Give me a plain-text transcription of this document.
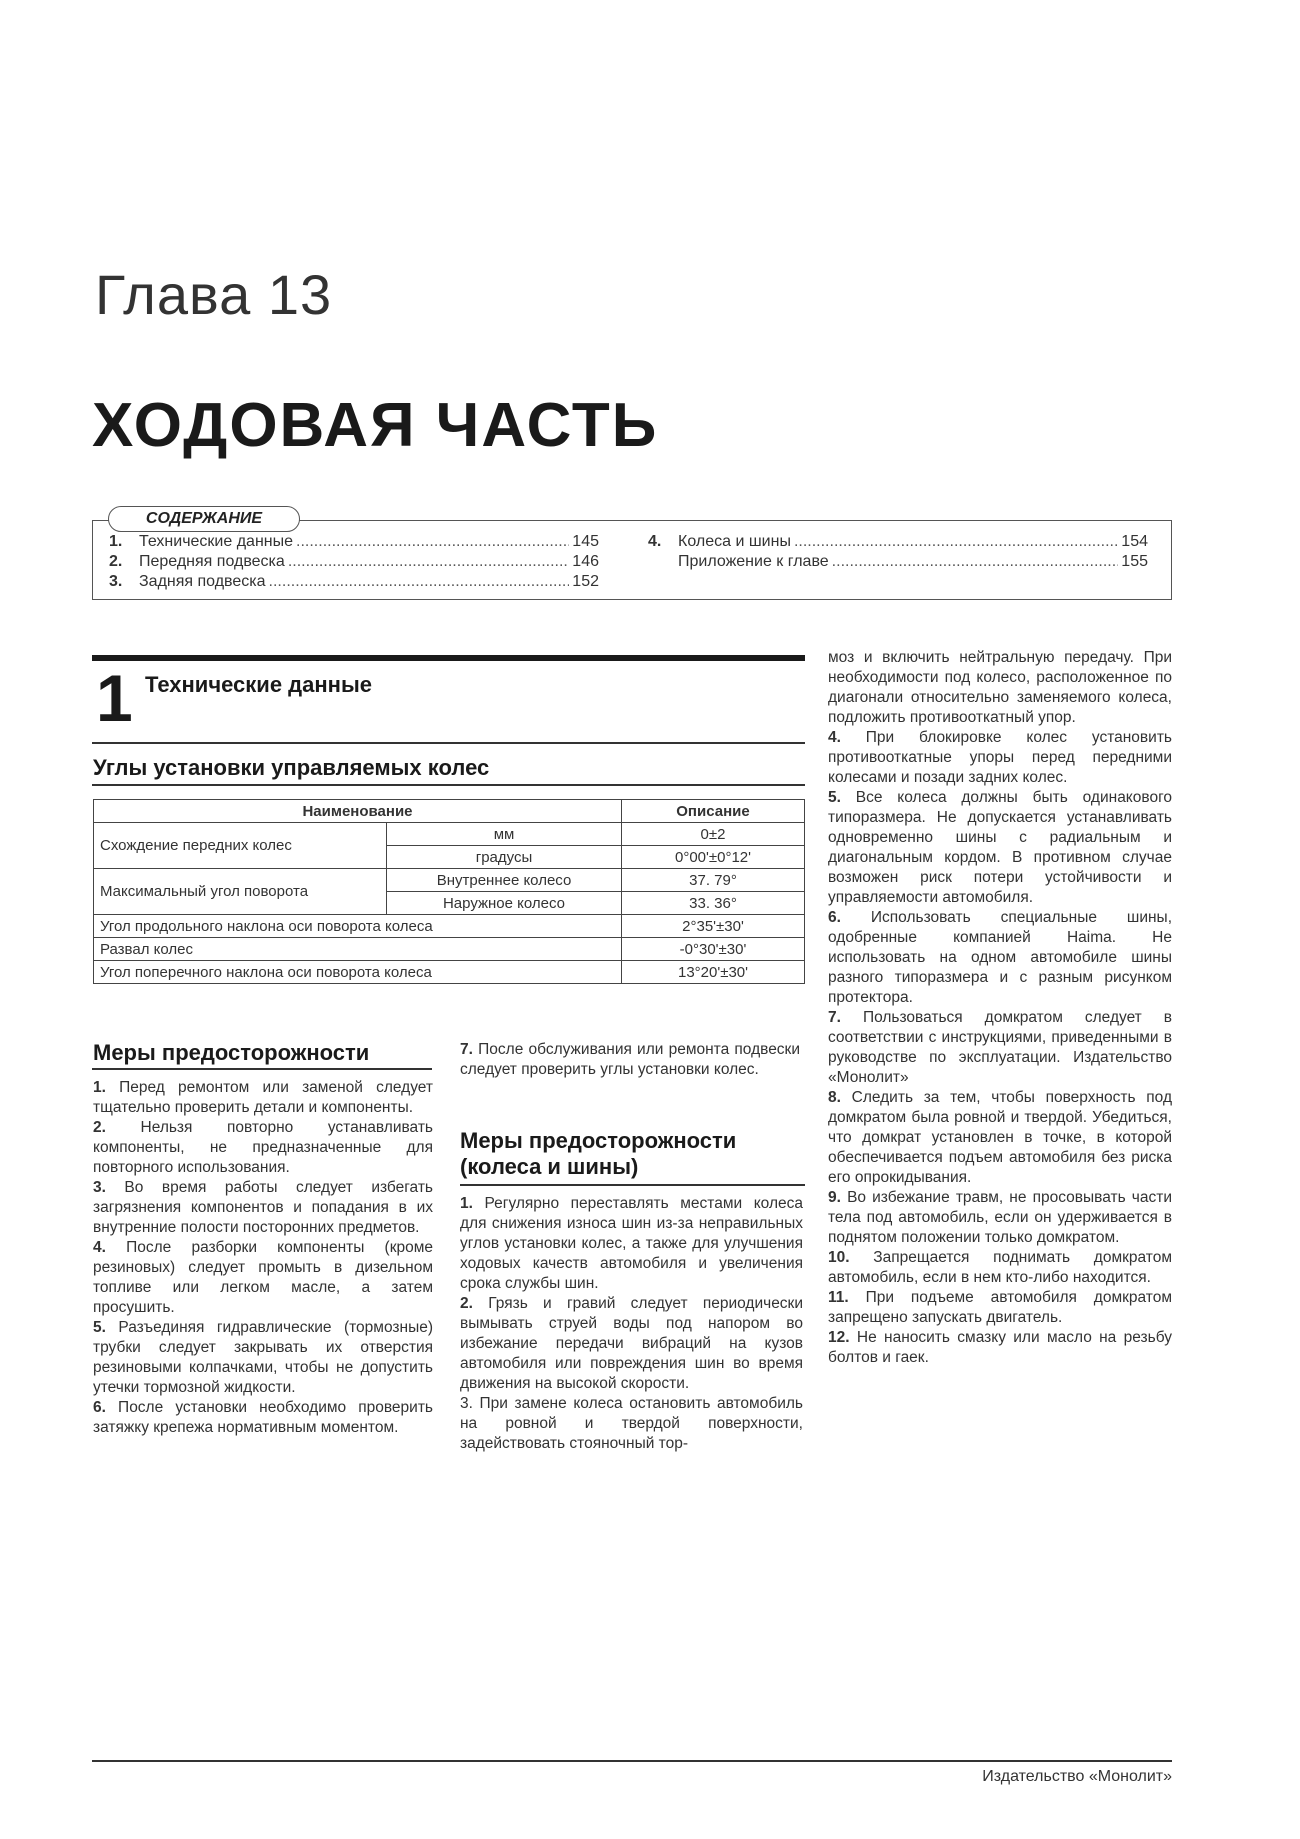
Глава 13
ХОДОВАЯ ЧАСТЬ
1.	Технические данные .....	145
2.	Передняя подвеска .....	146
3.	Задняя подвеска .....	152
4.	Колеса и шины .....	154
Приложение к главе .....	155
СОДЕРЖАНИЕ
1 Технические данные
Углы установки управляемых колес
Наименование		Описание
Схождение передних колес	мм	0±2
	градусы	0°00'±0°12'
Максимальный угол поворота	Внутреннее колесо	37. 79°
	Наружное колесо	33. 36°
Угол продольного наклона оси поворота колеса		2°35'±30'
Развал колес		-0°30'±30'
Угол поперечного наклона оси поворота колеса		13°20'±30'
Меры предосторожности

1. Перед ремонтом или заменой следует тщательно проверить детали и компоненты.

2. Нельзя повторно устанавливать компоненты, не предназначенные для повторного использования.

3. Во время работы следует избегать загрязнения компонентов и попадания в их внутренние полости посторонних предметов.

4. После разборки компоненты (кроме резиновых) следует промыть в дизельном топливе или легком масле, а затем просушить.

5. Разъединяя гидравлические (тормозные) трубки следует закрывать их отверстия резиновыми колпачками, чтобы не допустить утечки тормозной жидкости.

6. После установки необходимо проверить затяжку крепежа нормативным моментом.

7. После обслуживания или ремонта подвески следует проверить углы установки колес.

Меры предосторожности
(колеса и шины)

1. Регулярно переставлять местами колеса для снижения износа шин из-за неправильных углов установки колес, а также для улучшения ходовых качеств автомобиля и увеличения срока службы шин.

2. Грязь и гравий следует периодически вымывать струей воды под напором во избежание передачи вибраций на кузов автомобиля или повреждения шин во время движения на высокой скорости.

3. При замене колеса остановить автомобиль на ровной и твердой поверхности, задействовать стояночный тор-

моз и включить нейтральную передачу. При необходимости под колесо, расположенное по диагонали относительно заменяемого колеса, подложить противооткатный упор.

4. При блокировке колес установить противооткатные упоры перед передними колесами и позади задних колес.

5. Все колеса должны быть одинакового типоразмера. Не допускается устанавливать одновременно шины с радиальным и диагональным кордом. В противном случае возможен риск потери устойчивости и управляемости автомобиля.

6. Использовать специальные шины, одобренные компанией Haima. Не использовать на одном автомобиле шины разного типоразмера и с разным рисунком протектора.

7. Пользоваться домкратом следует в соответствии с инструкциями, приведенными в руководстве по эксплуатации. Издательство «Монолит»

8. Следить за тем, чтобы поверхность под домкратом была ровной и твердой. Убедиться, что домкрат установлен в точке, в которой обеспечивается подъем автомобиля без риска его опрокидывания.

9. Во избежание травм, не просовывать части тела под автомобиль, если он удерживается в поднятом положении только домкратом.

10. Запрещается поднимать домкратом автомобиль, если в нем кто-либо находится.

11. При подъеме автомобиля домкратом запрещено запускать двигатель.

12. Не наносить смазку или масло на резьбу болтов и гаек.

Издательство «Монолит»
